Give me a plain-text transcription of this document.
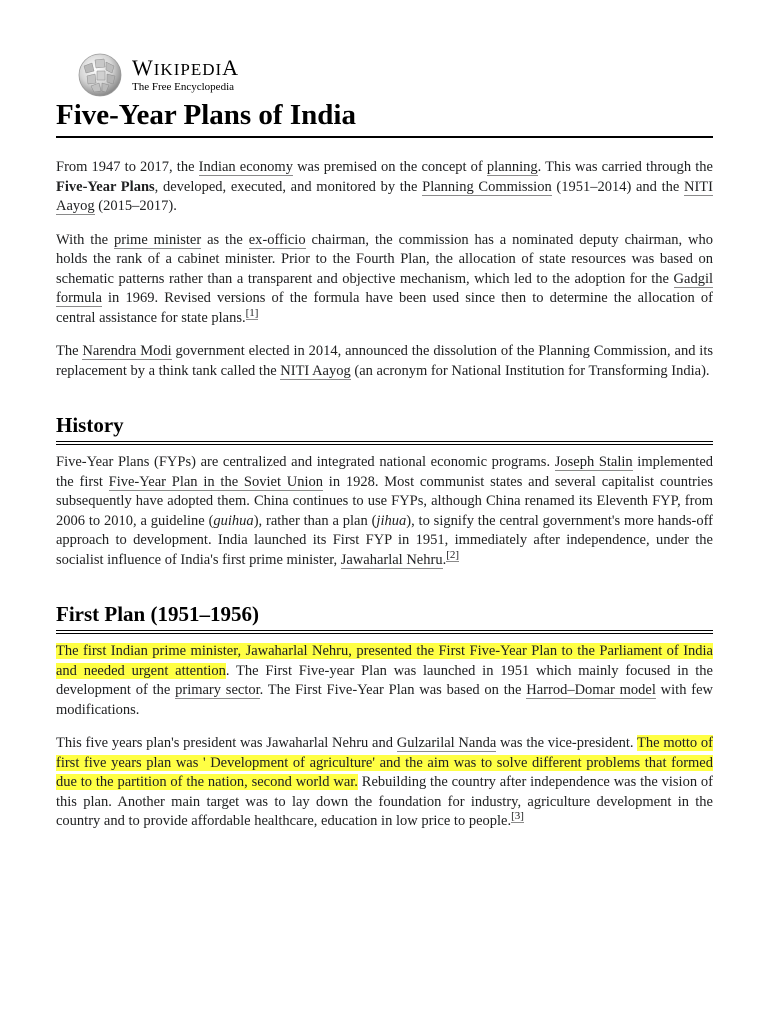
WIKIPEDIA
The Free Encyclopedia
Five-Year Plans of India

From 1947 to 2017, the Indian economy was premised on the concept of planning. This was carried through the Five-Year Plans, developed, executed, and monitored by the Planning Commission (1951–2014) and the NITI Aayog (2015–2017).

With the prime minister as the ex-officio chairman, the commission has a nominated deputy chairman, who holds the rank of a cabinet minister. Prior to the Fourth Plan, the allocation of state resources was based on schematic patterns rather than a transparent and objective mechanism, which led to the adoption for the Gadgil formula in 1969. Revised versions of the formula have been used since then to determine the allocation of central assistance for state plans.[1]

The Narendra Modi government elected in 2014, announced the dissolution of the Planning Commission, and its replacement by a think tank called the NITI Aayog (an acronym for National Institution for Transforming India).

History

Five-Year Plans (FYPs) are centralized and integrated national economic programs. Joseph Stalin implemented the first Five-Year Plan in the Soviet Union in 1928. Most communist states and several capitalist countries subsequently have adopted them. China continues to use FYPs, although China renamed its Eleventh FYP, from 2006 to 2010, a guideline (guihua), rather than a plan (jihua), to signify the central government's more hands-off approach to development. India launched its First FYP in 1951, immediately after independence, under the socialist influence of India's first prime minister, Jawaharlal Nehru.[2]

First Plan (1951–1956)

The first Indian prime minister, Jawaharlal Nehru, presented the First Five-Year Plan to the Parliament of India and needed urgent attention. The First Five-year Plan was launched in 1951 which mainly focused in the development of the primary sector. The First Five-Year Plan was based on the Harrod–Domar model with few modifications.

This five years plan's president was Jawaharlal Nehru and Gulzarilal Nanda was the vice-president. The motto of first five years plan was ' Development of agriculture' and the aim was to solve different problems that formed due to the partition of the nation, second world war. Rebuilding the country after independence was the vision of this plan. Another main target was to lay down the foundation for industry, agriculture development in the country and to provide affordable healthcare, education in low price to people.[3]
